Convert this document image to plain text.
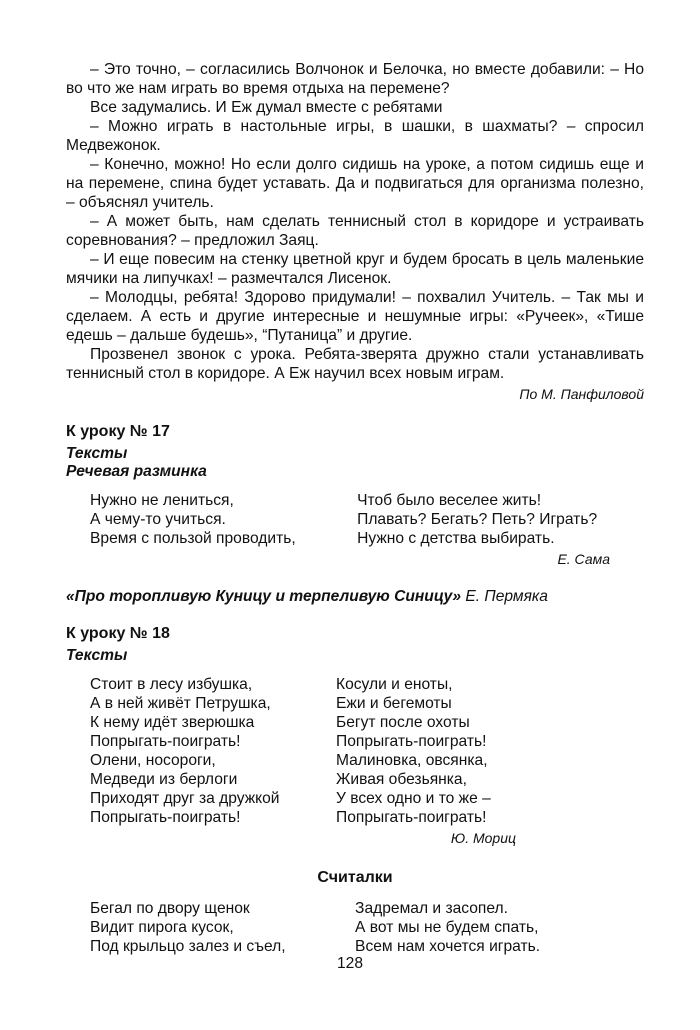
– Это точно, – согласились Волчонок и Белочка, но вместе добавили: – Но во что же нам играть во время отдыха на перемене?

Все задумались. И Еж думал вместе с ребятами

– Можно играть в настольные игры, в шашки, в шахматы? – спросил Медвежонок.

– Конечно, можно! Но если долго сидишь на уроке, а потом сидишь еще и на перемене, спина будет уставать. Да и подвигаться для организма полезно, – объяснял учитель.

– А может быть, нам сделать теннисный стол в коридоре и устраивать соревнования? – предложил Заяц.

– И еще повесим на стенку цветной круг и будем бросать в цель маленькие мячики на липучках! – размечтался Лисенок.

– Молодцы, ребята! Здорово придумали! – похвалил Учитель. – Так мы и сделаем. А есть и другие интересные и нешумные игры: «Ручеек», «Тише едешь – дальше будешь», “Путаница” и другие.

Прозвенел звонок с урока. Ребята-зверята дружно стали устанавливать теннисный стол в коридоре. А Еж научил всех новым играм.

По М. Панфиловой
К уроку № 17
Тексты
Речевая разминка
Нужно не лениться,
А чему-то учиться.
Время с пользой проводить,
Чтоб было веселее жить!
Плавать? Бегать? Петь? Играть?
Нужно с детства выбирать.
Е. Сама
«Про торопливую Куницу и терпеливую Синицу» Е. Пермяка
К уроку № 18
Тексты
Стоит в лесу избушка,
А в ней живёт Петрушка,
К нему идёт зверюшка
Попрыгать-поиграть!
Олени, носороги,
Медведи из берлоги
Приходят друг за дружкой
Попрыгать-поиграть!
Косули и еноты,
Ежи и бегемоты
Бегут после охоты
Попрыгать-поиграть!
Малиновка, овсянка,
Живая обезьянка,
У всех одно и то же –
Попрыгать-поиграть!
Ю. Мориц
Считалки
Бегал по двору щенок
Видит пирога кусок,
Под крыльцо залез и съел,
Задремал и засопел.
А вот мы не будем спать,
Всем нам хочется играть.
128
